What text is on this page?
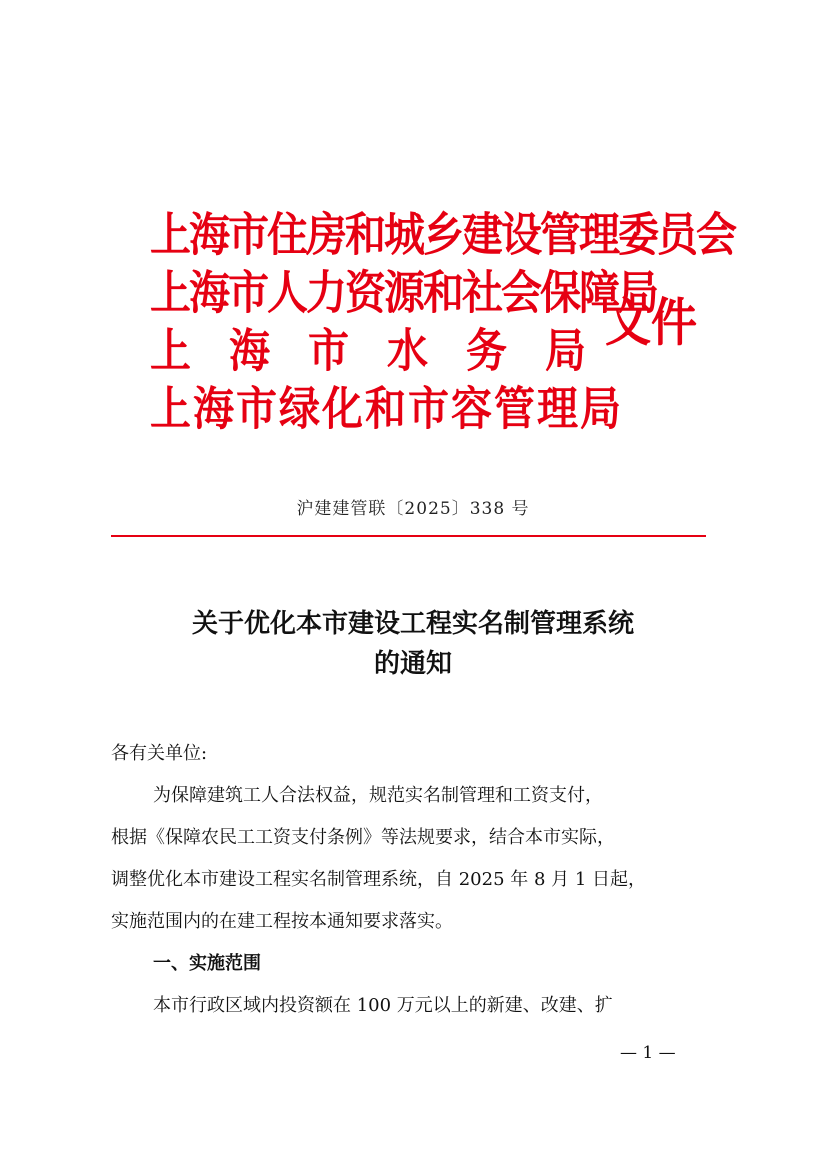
上海市住房和城乡建设管理委员会
上海市人力资源和社会保障局
上海市水务局
上海市绿化和市容管理局
文件
沪建建管联〔2025〕338 号
关于优化本市建设工程实名制管理系统
的通知

各有关单位:

为保障建筑工人合法权益，规范实名制管理和工资支付，

根据《保障农民工工资支付条例》等法规要求，结合本市实际，
调整优化本市建设工程实名制管理系统，自 2025 年 8 月 1 日起，
实施范围内的在建工程按本通知要求落实。

一、实施范围

本市行政区域内投资额在 100 万元以上的新建、改建、扩

— 1 —
